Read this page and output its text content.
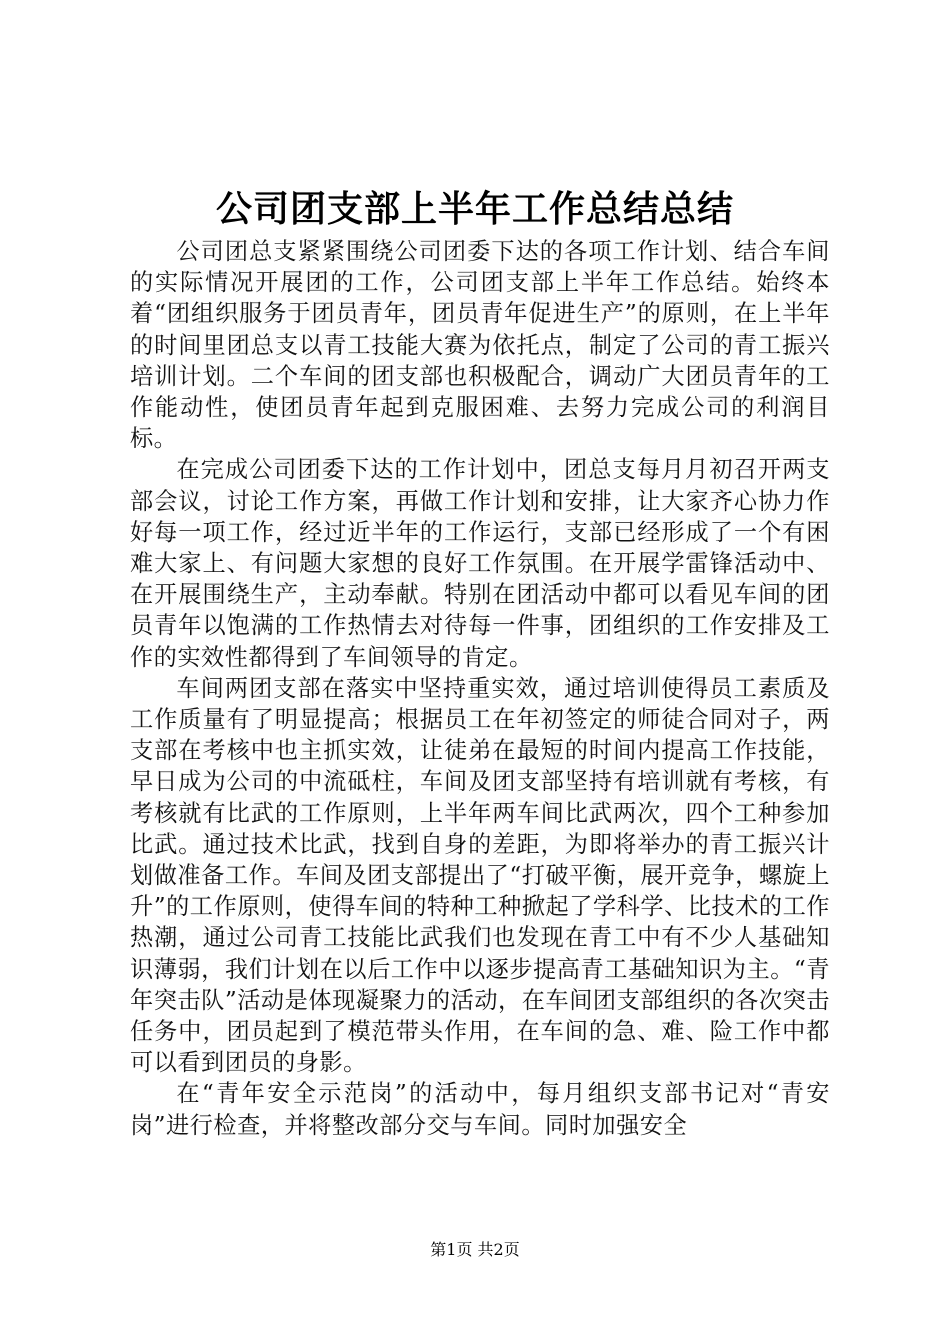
公司团支部上半年工作总结总结

公司团总支紧紧围绕公司团委下达的各项工作计划、结合车间的实际情况开展团的工作，公司团支部上半年工作总结。始终本着“团组织服务于团员青年，团员青年促进生产”的原则，在上半年的时间里团总支以青工技能大赛为依托点，制定了公司的青工振兴培训计划。二个车间的团支部也积极配合，调动广大团员青年的工作能动性，使团员青年起到克服困难、去努力完成公司的利润目标。

在完成公司团委下达的工作计划中，团总支每月月初召开两支部会议，讨论工作方案，再做工作计划和安排，让大家齐心协力作好每一项工作，经过近半年的工作运行，支部已经形成了一个有困难大家上、有问题大家想的良好工作氛围。在开展学雷锋活动中、在开展围绕生产，主动奉献。特别在团活动中都可以看见车间的团员青年以饱满的工作热情去对待每一件事，团组织的工作安排及工作的实效性都得到了车间领导的肯定。

车间两团支部在落实中坚持重实效，通过培训使得员工素质及工作质量有了明显提高；根据员工在年初签定的师徒合同对子，两支部在考核中也主抓实效，让徒弟在最短的时间内提高工作技能，早日成为公司的中流砥柱，车间及团支部坚持有培训就有考核，有考核就有比武的工作原则，上半年两车间比武两次，四个工种参加比武。通过技术比武，找到自身的差距，为即将举办的青工振兴计划做准备工作。车间及团支部提出了“打破平衡，展开竞争，螺旋上升”的工作原则，使得车间的特种工种掀起了学科学、比技术的工作热潮，通过公司青工技能比武我们也发现在青工中有不少人基础知识薄弱，我们计划在以后工作中以逐步提高青工基础知识为主。“青年突击队”活动是体现凝聚力的活动，在车间团支部组织的各次突击任务中，团员起到了模范带头作用，在车间的急、难、险工作中都可以看到团员的身影。

在“青年安全示范岗”的活动中，每月组织支部书记对“青安岗”进行检查，并将整改部分交与车间。同时加强安全

第1页 共2页
